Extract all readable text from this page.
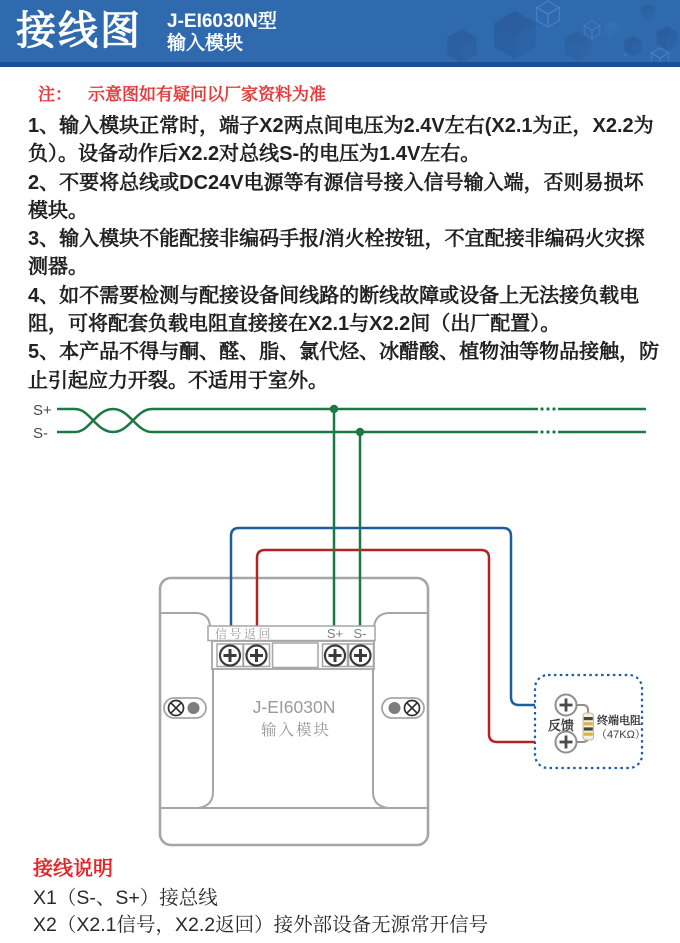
接线图 J-EI6030N型
输入模块
注： 示意图如有疑问以厂家资料为准

1、输入模块正常时，端子X2两点间电压为2.4V左右(X2.1为正，X2.2为负）。设备动作后X2.2对总线S-的电压为1.4V左右。

2、不要将总线或DC24V电源等有源信号接入信号输入端，否则易损坏模块。

3、输入模块不能配接非编码手报/消火栓按钮，不宜配接非编码火灾探测器。

4、如不需要检测与配接设备间线路的断线故障或设备上无法接负载电阻，可将配套负载电阻直接接在X2.1与X2.2间（出厂配置）。

5、本产品不得与酮、醛、脂、氯代烃、冰醋酸、植物油等物品接触，防止引起应力开裂。不适用于室外。

S+
S-
信号返回	S+ S-
J-EI6030N
输入模块	反馈 终端电阻
（47KΩ）
接线说明

X1（S-、S+）接总线

X2（X2.1信号，X2.2返回）接外部设备无源常开信号
